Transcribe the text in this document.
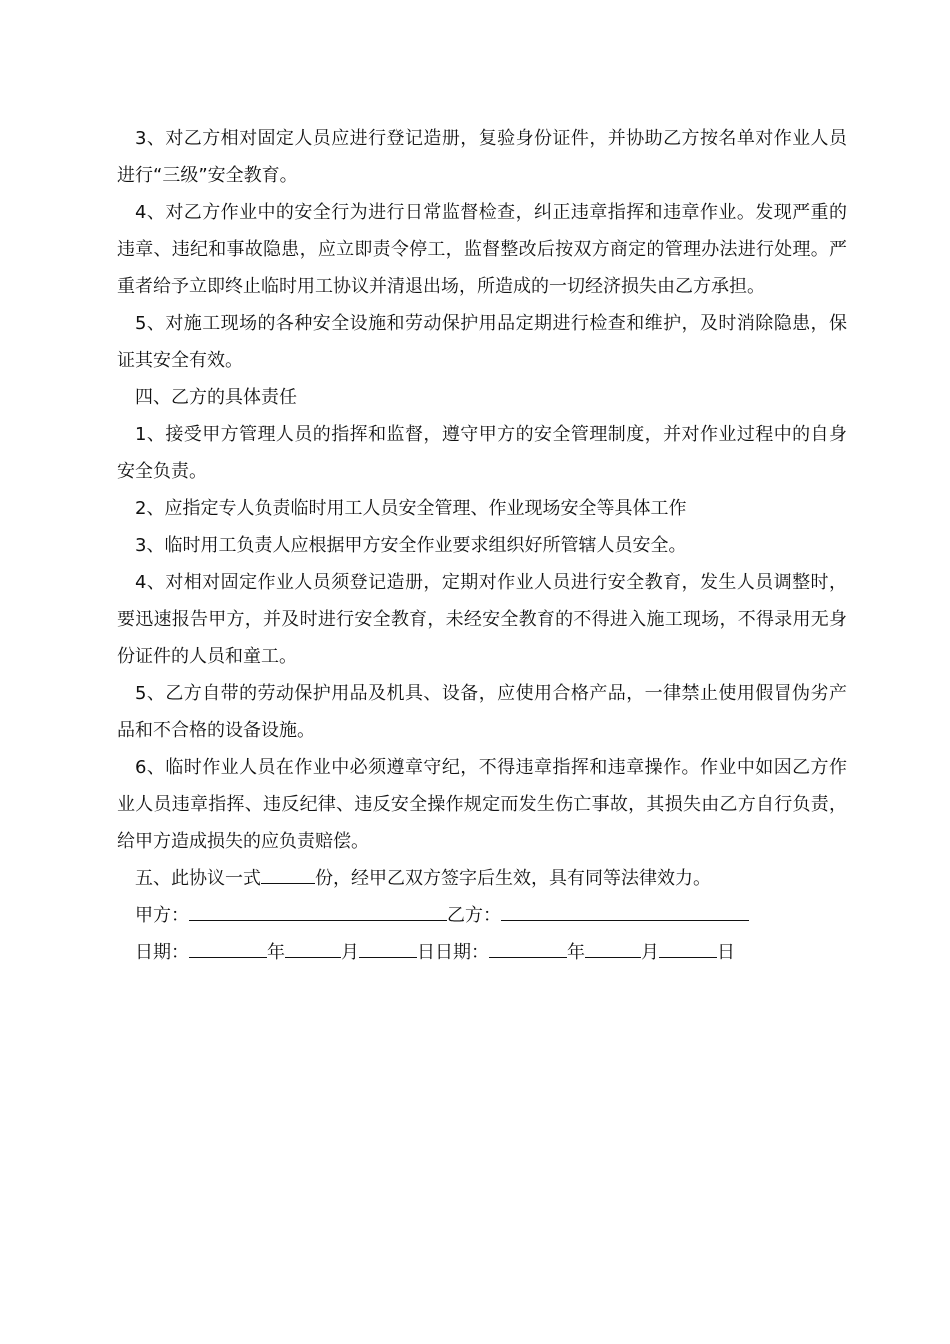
3、对乙方相对固定人员应进行登记造册，复验身份证件，并协助乙方按名单对作业人员进行“三级”安全教育。

4、对乙方作业中的安全行为进行日常监督检查，纠正违章指挥和违章作业。发现严重的违章、违纪和事故隐患，应立即责令停工，监督整改后按双方商定的管理办法进行处理。严重者给予立即终止临时用工协议并清退出场，所造成的一切经济损失由乙方承担。

5、对施工现场的各种安全设施和劳动保护用品定期进行检查和维护，及时消除隐患，保证其安全有效。

四、乙方的具体责任

1、接受甲方管理人员的指挥和监督，遵守甲方的安全管理制度，并对作业过程中的自身安全负责。

2、应指定专人负责临时用工人员安全管理、作业现场安全等具体工作

3、临时用工负责人应根据甲方安全作业要求组织好所管辖人员安全。

4、对相对固定作业人员须登记造册，定期对作业人员进行安全教育，发生人员调整时，要迅速报告甲方，并及时进行安全教育，未经安全教育的不得进入施工现场，不得录用无身份证件的人员和童工。

5、乙方自带的劳动保护用品及机具、设备，应使用合格产品，一律禁止使用假冒伪劣产品和不合格的设备设施。

6、临时作业人员在作业中必须遵章守纪，不得违章指挥和违章操作。作业中如因乙方作业人员违章指挥、违反纪律、违反安全操作规定而发生伤亡事故，其损失由乙方自行负责，给甲方造成损失的应负责赔偿。

五、此协议一式	份，经甲乙双方签字后生效，具有同等法律效力。

甲方：	乙方：

日期：	年	月	日日期：	年	月	日
